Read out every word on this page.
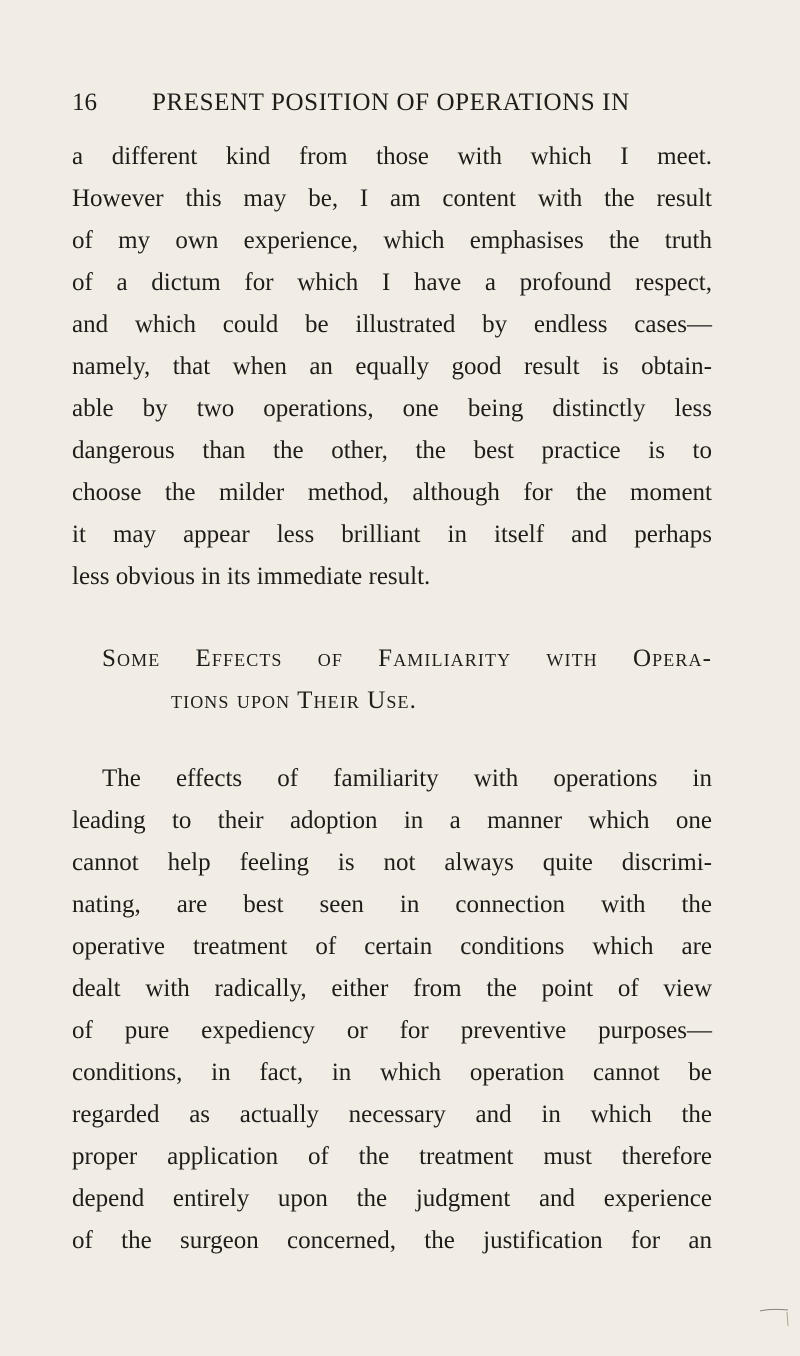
16 PRESENT POSITION OF OPERATIONS IN
a different kind from those with which I meet.
However this may be, I am content with the result
of my own experience, which emphasises the truth
of a dictum for which I have a profound respect,
and which could be illustrated by endless cases—
namely, that when an equally good result is obtain-
able by two operations, one being distinctly less
dangerous than the other, the best practice is to
choose the milder method, although for the moment
it may appear less brilliant in itself and perhaps
less obvious in its immediate result.
Some Effects of Familiarity with Opera-
tions upon Their Use.
The effects of familiarity with operations in
leading to their adoption in a manner which one
cannot help feeling is not always quite discrimi-
nating, are best seen in connection with the
operative treatment of certain conditions which are
dealt with radically, either from the point of view
of pure expediency or for preventive purposes—
conditions, in fact, in which operation cannot be
regarded as actually necessary and in which the
proper application of the treatment must therefore
depend entirely upon the judgment and experience
of the surgeon concerned, the justification for an
